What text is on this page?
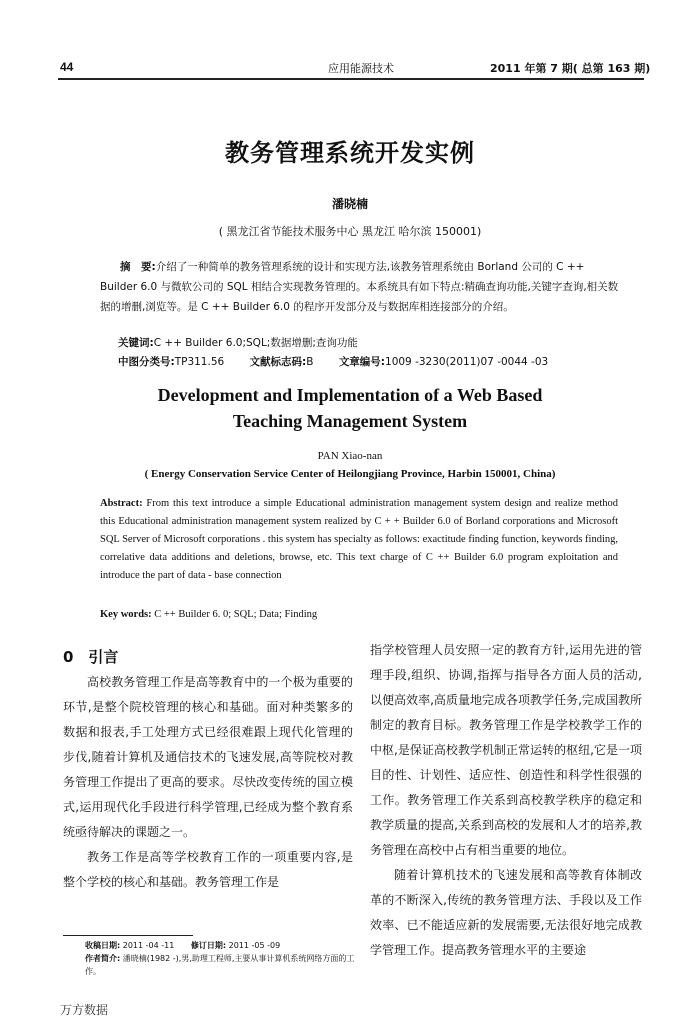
44	应用能源技术	2011 年第 7 期( 总第 163 期)
教务管理系统开发实例
潘晓楠
( 黑龙江省节能技术服务中心 黑龙江 哈尔滨 150001)
摘　要:介绍了一种简单的教务管理系统的设计和实现方法,该教务管理系统由 Borland 公司的 C ++ Builder 6.0 与微软公司的 SQL 相结合实现教务管理的。本系统具有如下特点:精确查询功能,关键字查询,相关数据的增删,浏览等。是 C ++ Builder 6.0 的程序开发部分及与数据库相连接部分的介绍。
关键词:C ++ Builder 6.0;SQL;数据增删;查询功能
中图分类号:TP311.56 文献标志码:B 文章编号:1009 -3230(2011)07 -0044 -03
Development and Implementation of a Web Based
Teaching Management System
PAN Xiao-nan
( Energy Conservation Service Center of Heilongjiang Province, Harbin 150001, China)
Abstract: From this text introduce a simple Educational administration management system design and realize method this Educational administration management system realized by C + + Builder 6.0 of Borland corporations and Microsoft SQL Server of Microsoft corporations . this system has specialty as follows: exactitude finding function, keywords finding, correlative data additions and deletions, browse, etc. This text charge of C ++ Builder 6.0 program exploitation and introduce the part of data - base connection
Key words: C ++ Builder 6. 0; SQL; Data; Finding
0　引言

高校教务管理工作是高等教育中的一个极为重要的环节,是整个院校管理的核心和基础。面对种类繁多的数据和报表,手工处理方式已经很难跟上现代化管理的步伐,随着计算机及通信技术的飞速发展,高等院校对教务管理工作提出了更高的要求。尽快改变传统的国立模式,运用现代化手段进行科学管理,已经成为整个教育系统亟待解决的课题之一。

教务工作是高等学校教育工作的一项重要内容,是整个学校的核心和基础。教务管理工作是

指学校管理人员安照一定的教育方针,运用先进的管理手段,组织、协调,指挥与指导各方面人员的活动,以便高效率,高质量地完成各项教学任务,完成国教所制定的教育目标。教务管理工作是学校教学工作的中枢,是保证高校教学机制正常运转的枢纽,它是一项目的性、计划性、适应性、创造性和科学性很强的工作。教务管理工作关系到高校教学秩序的稳定和教学质量的提高,关系到高校的发展和人才的培养,教务管理在高校中占有相当重要的地位。

随着计算机技术的飞速发展和高等教育体制改革的不断深入,传统的教务管理方法、手段以及工作效率、已不能适应新的发展需要,无法很好地完成教学管理工作。提高教务管理水平的主要途

收稿日期: 2011 -04 -11 修订日期: 2011 -05 -09
作者简介: 潘晓楠(1982 -),男,助理工程师,主要从事计算机系统网络方面的工作。
万方数据
